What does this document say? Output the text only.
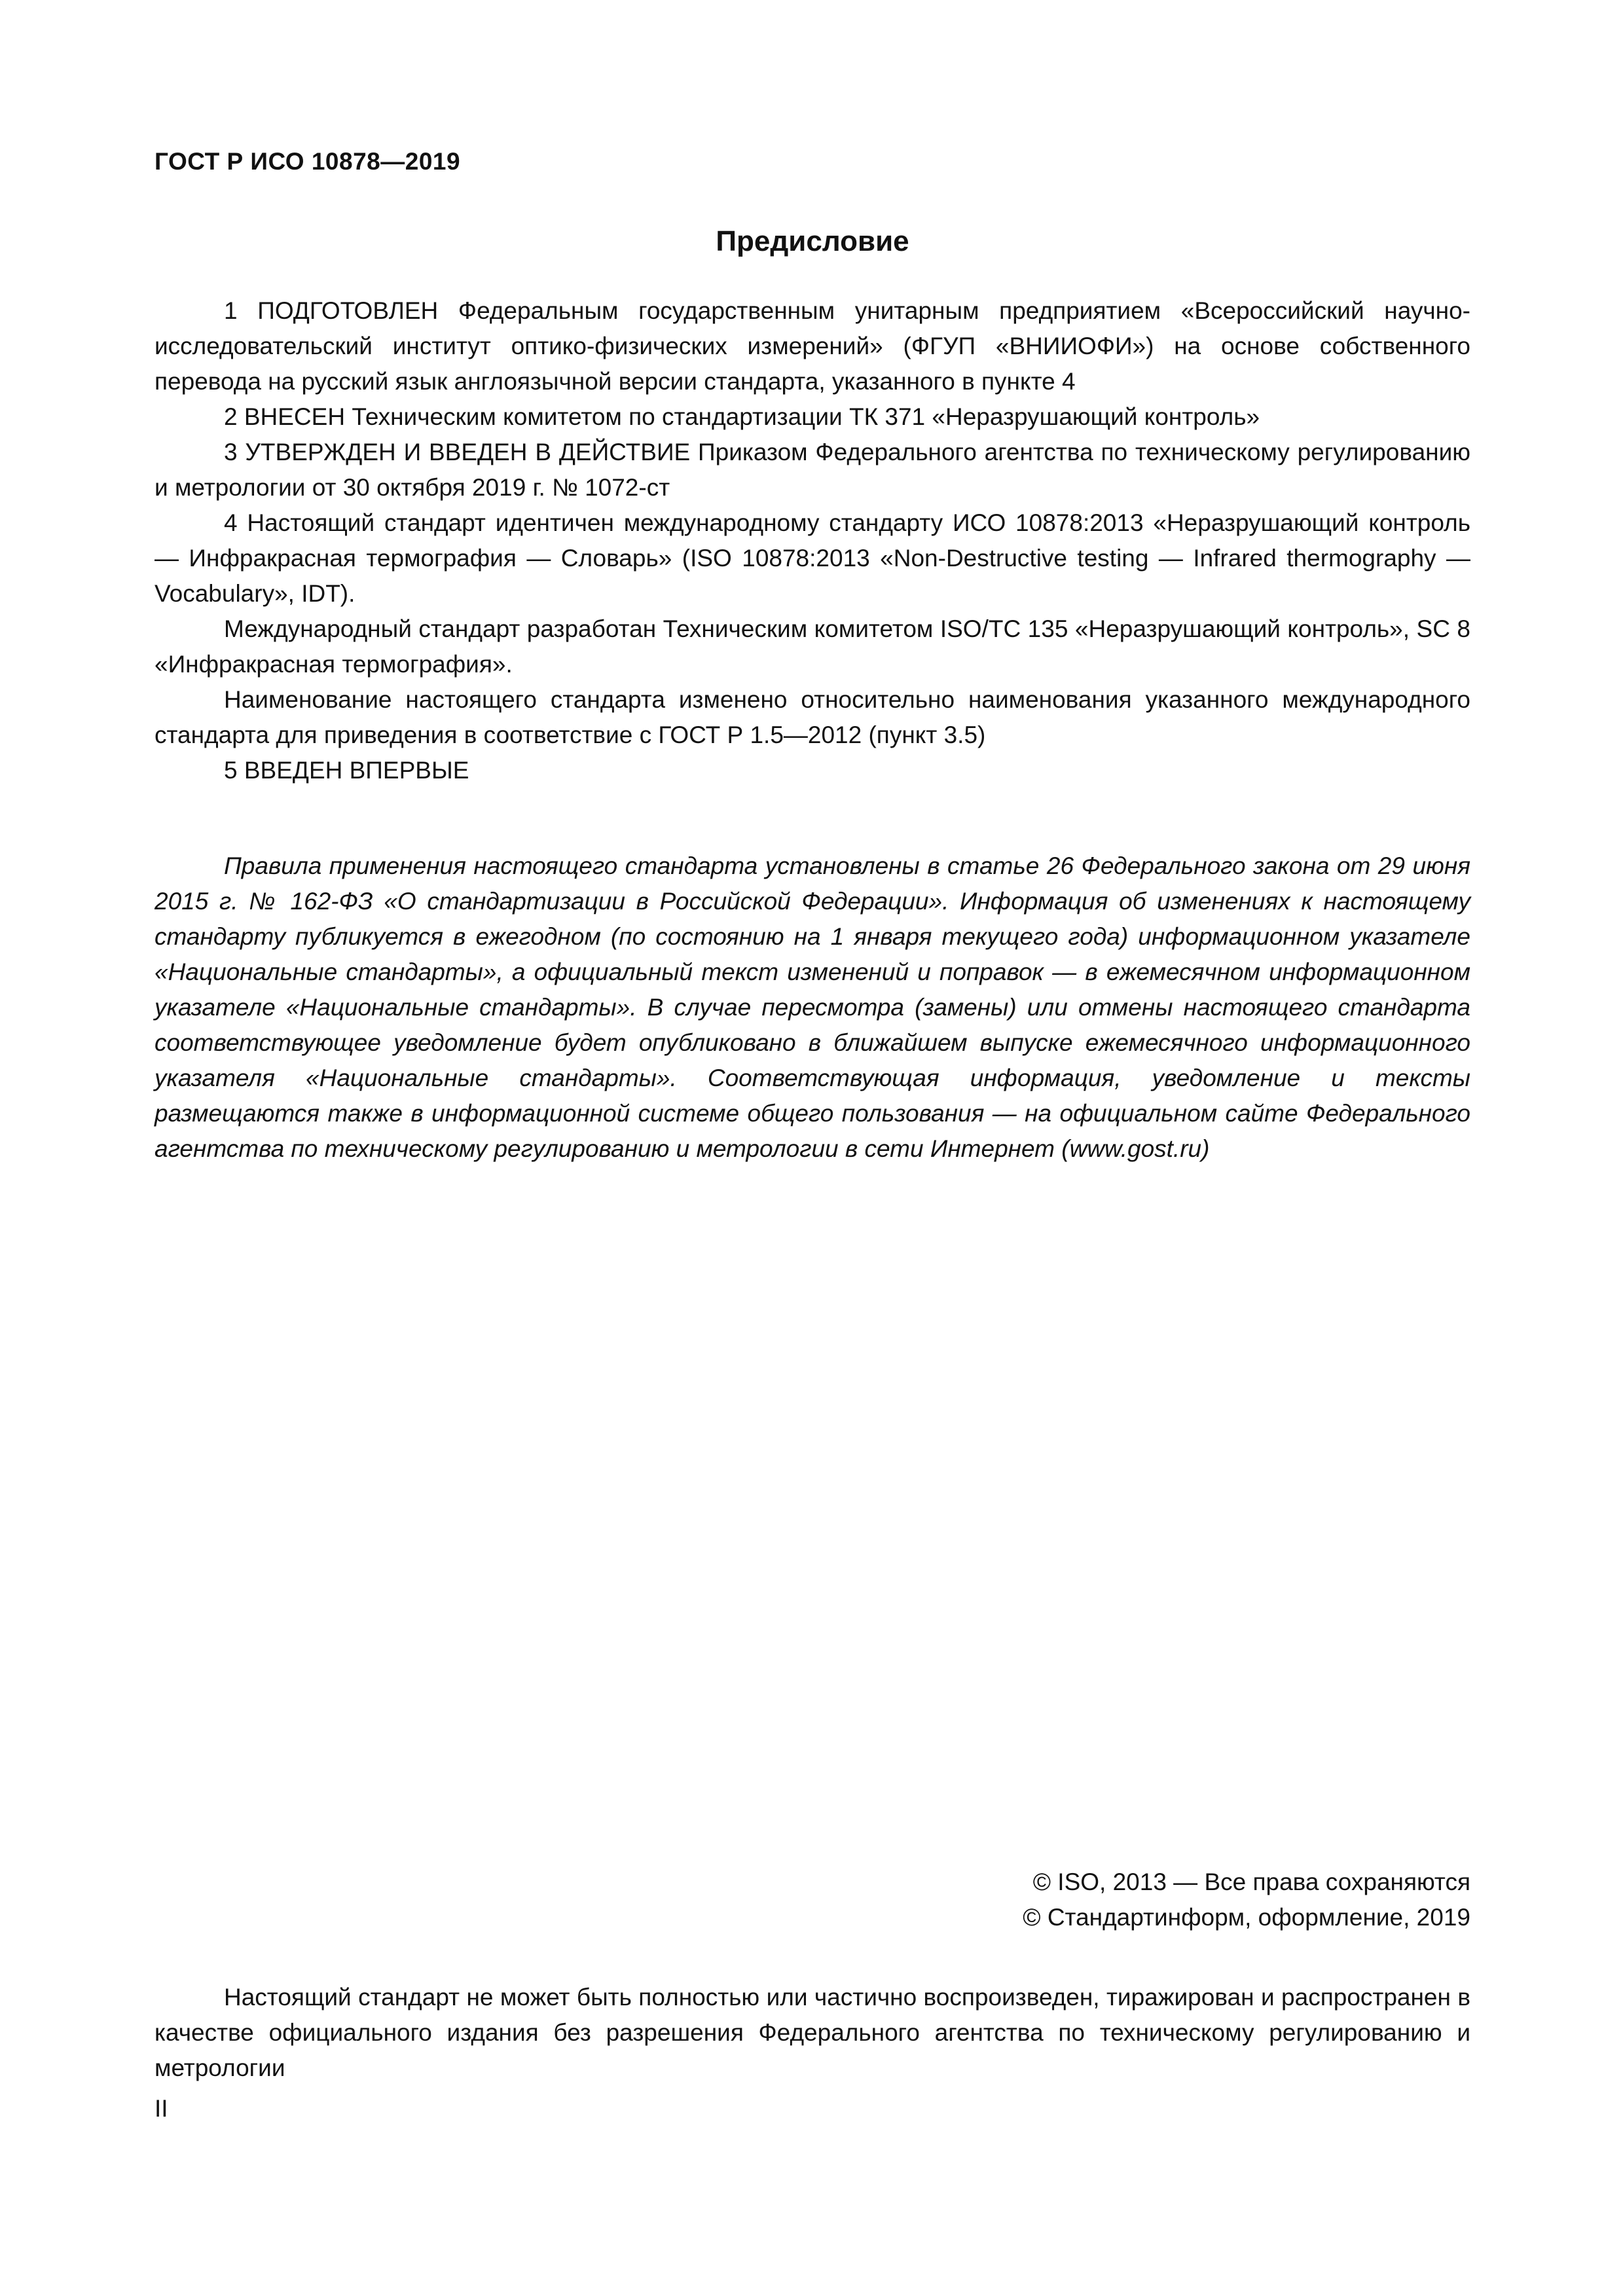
ГОСТ Р ИСО 10878—2019
Предисловие

1 ПОДГОТОВЛЕН Федеральным государственным унитарным предприятием «Всероссийский научно-исследовательский институт оптико-физических измерений» (ФГУП «ВНИИОФИ») на основе собственного перевода на русский язык англоязычной версии стандарта, указанного в пункте 4

2 ВНЕСЕН Техническим комитетом по стандартизации ТК 371 «Неразрушающий контроль»

3 УТВЕРЖДЕН И ВВЕДЕН В ДЕЙСТВИЕ Приказом Федерального агентства по техническому регулированию и метрологии от 30 октября 2019 г. № 1072-ст

4 Настоящий стандарт идентичен международному стандарту ИСО 10878:2013 «Неразрушающий контроль — Инфракрасная термография — Словарь» (ISO 10878:2013 «Non-Destructive testing — Infrared thermography — Vocabulary», IDT).

Международный стандарт разработан Техническим комитетом ISO/TC 135 «Неразрушающий контроль», SC 8 «Инфракрасная термография».

Наименование настоящего стандарта изменено относительно наименования указанного международного стандарта для приведения в соответствие с ГОСТ Р 1.5—2012 (пункт 3.5)

5 ВВЕДЕН ВПЕРВЫЕ

Правила применения настоящего стандарта установлены в статье 26 Федерального закона от 29 июня 2015 г. № 162-ФЗ «О стандартизации в Российской Федерации». Информация об изменениях к настоящему стандарту публикуется в ежегодном (по состоянию на 1 января текущего года) информационном указателе «Национальные стандарты», а официальный текст изменений и поправок — в ежемесячном информационном указателе «Национальные стандарты». В случае пересмотра (замены) или отмены настоящего стандарта соответствующее уведомление будет опубликовано в ближайшем выпуске ежемесячного информационного указателя «Национальные стандарты». Соответствующая информация, уведомление и тексты размещаются также в информационной системе общего пользования — на официальном сайте Федерального агентства по техническому регулированию и метрологии в сети Интернет (www.gost.ru)

© ISO, 2013 — Все права сохраняются
© Стандартинформ, оформление, 2019

Настоящий стандарт не может быть полностью или частично воспроизведен, тиражирован и распространен в качестве официального издания без разрешения Федерального агентства по техническому регулированию и метрологии

II
